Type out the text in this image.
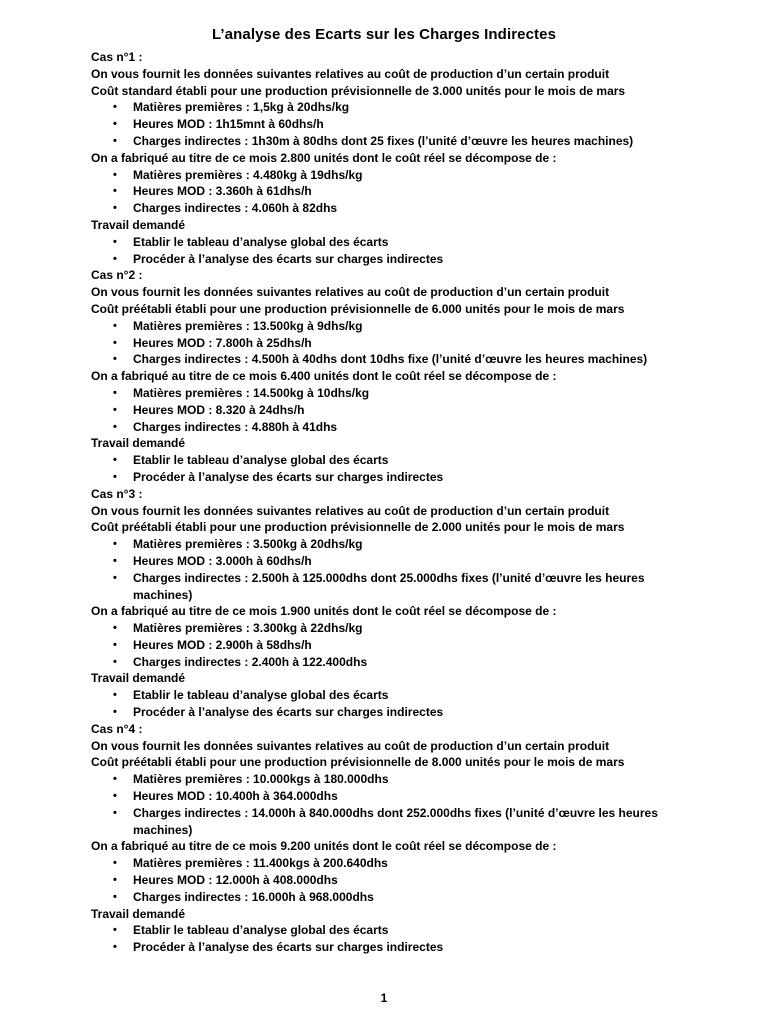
L’analyse des Ecarts sur les Charges Indirectes
Cas n°1 :
On vous fournit les données suivantes relatives au coût de production d’un certain produit
Coût standard établi pour une production prévisionnelle de 3.000 unités pour le mois de mars
• Matières premières : 1,5kg à 20dhs/kg
• Heures MOD : 1h15mnt à 60dhs/h
• Charges indirectes : 1h30m à 80dhs dont 25 fixes (l’unité d’œuvre les heures machines)
On a fabriqué au titre de ce mois 2.800 unités dont le coût réel se décompose de :
• Matières premières : 4.480kg à 19dhs/kg
• Heures MOD : 3.360h à 61dhs/h
• Charges indirectes : 4.060h à 82dhs
Travail demandé
• Etablir le tableau d’analyse global des écarts
• Procéder à l’analyse des écarts sur charges indirectes
Cas n°2 :
On vous fournit les données suivantes relatives au coût de production d’un certain produit
Coût préétabli établi pour une production prévisionnelle de 6.000 unités pour le mois de mars
• Matières premières : 13.500kg à 9dhs/kg
• Heures MOD : 7.800h à 25dhs/h
• Charges indirectes : 4.500h à 40dhs dont 10dhs fixe (l’unité d’œuvre les heures machines)
On a fabriqué au titre de ce mois 6.400 unités dont le coût réel se décompose de :
• Matières premières : 14.500kg à 10dhs/kg
• Heures MOD : 8.320 à 24dhs/h
• Charges indirectes : 4.880h à 41dhs
Travail demandé
• Etablir le tableau d’analyse global des écarts
• Procéder à l’analyse des écarts sur charges indirectes
Cas n°3 :
On vous fournit les données suivantes relatives au coût de production d’un certain produit
Coût préétabli établi pour une production prévisionnelle de 2.000 unités pour le mois de mars
• Matières premières : 3.500kg à 20dhs/kg
• Heures MOD : 3.000h à 60dhs/h
• Charges indirectes : 2.500h à 125.000dhs dont 25.000dhs fixes (l’unité d’œuvre les heures machines)
On a fabriqué au titre de ce mois 1.900 unités dont le coût réel se décompose de :
• Matières premières : 3.300kg à 22dhs/kg
• Heures MOD : 2.900h à 58dhs/h
• Charges indirectes : 2.400h à 122.400dhs
Travail demandé
• Etablir le tableau d’analyse global des écarts
• Procéder à l’analyse des écarts sur charges indirectes
Cas n°4 :
On vous fournit les données suivantes relatives au coût de production d’un certain produit
Coût préétabli établi pour une production prévisionnelle de 8.000 unités pour le mois de mars
• Matières premières : 10.000kgs à 180.000dhs
• Heures MOD : 10.400h à 364.000dhs
• Charges indirectes : 14.000h à 840.000dhs dont 252.000dhs fixes (l’unité d’œuvre les heures machines)
On a fabriqué au titre de ce mois 9.200 unités dont le coût réel se décompose de :
• Matières premières : 11.400kgs à 200.640dhs
• Heures MOD : 12.000h à 408.000dhs
• Charges indirectes : 16.000h à 968.000dhs
Travail demandé
• Etablir le tableau d’analyse global des écarts
• Procéder à l’analyse des écarts sur charges indirectes
1
